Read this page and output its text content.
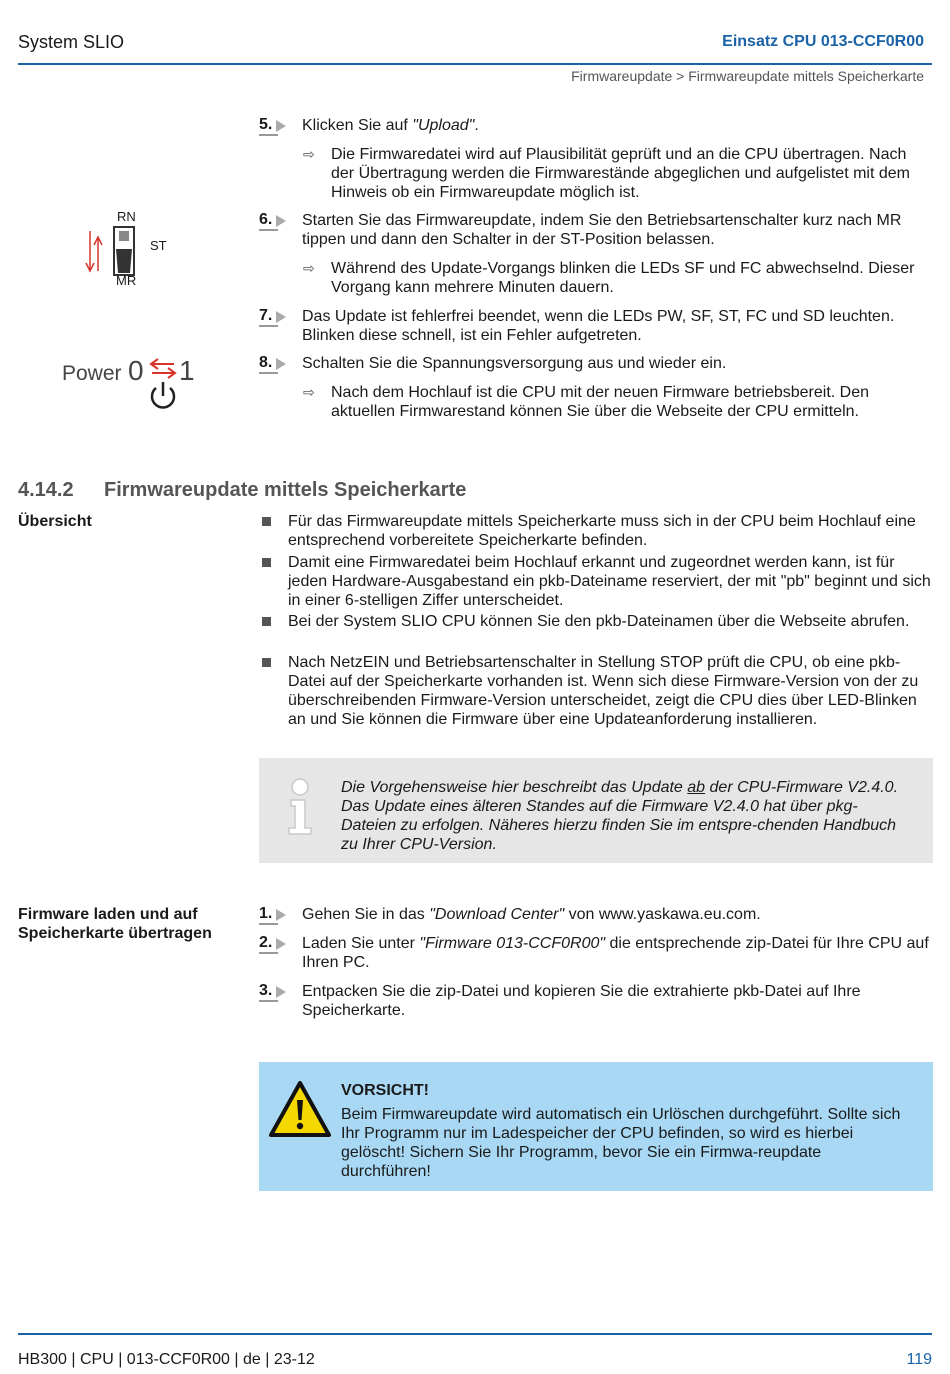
System SLIO	Einsatz CPU 013-CCF0R00
Firmwareupdate > Firmwareupdate mittels Speicherkarte
RN
ST
MR
Power 0 1
5.	Klicken Sie auf "Upload".
⇨ Die Firmwaredatei wird auf Plausibilität geprüft und an die CPU übertragen. Nach der Übertragung werden die Firmwarestände abgeglichen und aufgelistet mit dem Hinweis ob ein Firmwareupdate möglich ist.
6.	Starten Sie das Firmwareupdate, indem Sie den Betriebsartenschalter kurz nach MR tippen und dann den Schalter in der ST-Position belassen.
⇨ Während des Update-Vorgangs blinken die LEDs SF und FC abwechselnd. Dieser Vorgang kann mehrere Minuten dauern.
7.	Das Update ist fehlerfrei beendet, wenn die LEDs PW, SF, ST, FC und SD leuchten. Blinken diese schnell, ist ein Fehler aufgetreten.
8.	Schalten Sie die Spannungsversorgung aus und wieder ein.
⇨ Nach dem Hochlauf ist die CPU mit der neuen Firmware betriebsbereit. Den aktuellen Firmwarestand können Sie über die Webseite der CPU ermitteln.
4.14.2 Firmwareupdate mittels Speicherkarte
Übersicht	Für das Firmwareupdate mittels Speicherkarte muss sich in der CPU beim Hochlauf eine entsprechend vorbereitete Speicherkarte befinden.
Damit eine Firmwaredatei beim Hochlauf erkannt und zugeordnet werden kann, ist für jeden Hardware-Ausgabestand ein pkb-Dateiname reserviert, der mit "pb" beginnt und sich in einer 6-stelligen Ziffer unterscheidet.
Bei der System SLIO CPU können Sie den pkb-Dateinamen über die Webseite abrufen.
Nach NetzEIN und Betriebsartenschalter in Stellung STOP prüft die CPU, ob eine pkb-Datei auf der Speicherkarte vorhanden ist. Wenn sich diese Firmware-Version von der zu überschreibenden Firmware-Version unterscheidet, zeigt die CPU dies über LED-Blinken an und Sie können die Firmware über eine Updateanforderung installieren.
Die Vorgehensweise hier beschreibt das Update ab der CPU-Firmware V2.4.0. Das Update eines älteren Standes auf die Firmware V2.4.0 hat über pkg-Dateien zu erfolgen. Näheres hierzu finden Sie im entspre-chenden Handbuch zu Ihrer CPU-Version.
Firmware laden und auf Speicherkarte übertragen
1.	Gehen Sie in das "Download Center" von www.yaskawa.eu.com.
2.	Laden Sie unter "Firmware 013-CCF0R00" die entsprechende zip-Datei für Ihre CPU auf Ihren PC.
3.	Entpacken Sie die zip-Datei und kopieren Sie die extrahierte pkb-Datei auf Ihre Speicherkarte.
VORSICHT!
Beim Firmwareupdate wird automatisch ein Urlöschen durchgeführt. Sollte sich Ihr Programm nur im Ladespeicher der CPU befinden, so wird es hierbei gelöscht! Sichern Sie Ihr Programm, bevor Sie ein Firmwa-reupdate durchführen!
HB300 | CPU | 013-CCF0R00 | de | 23-12	119
